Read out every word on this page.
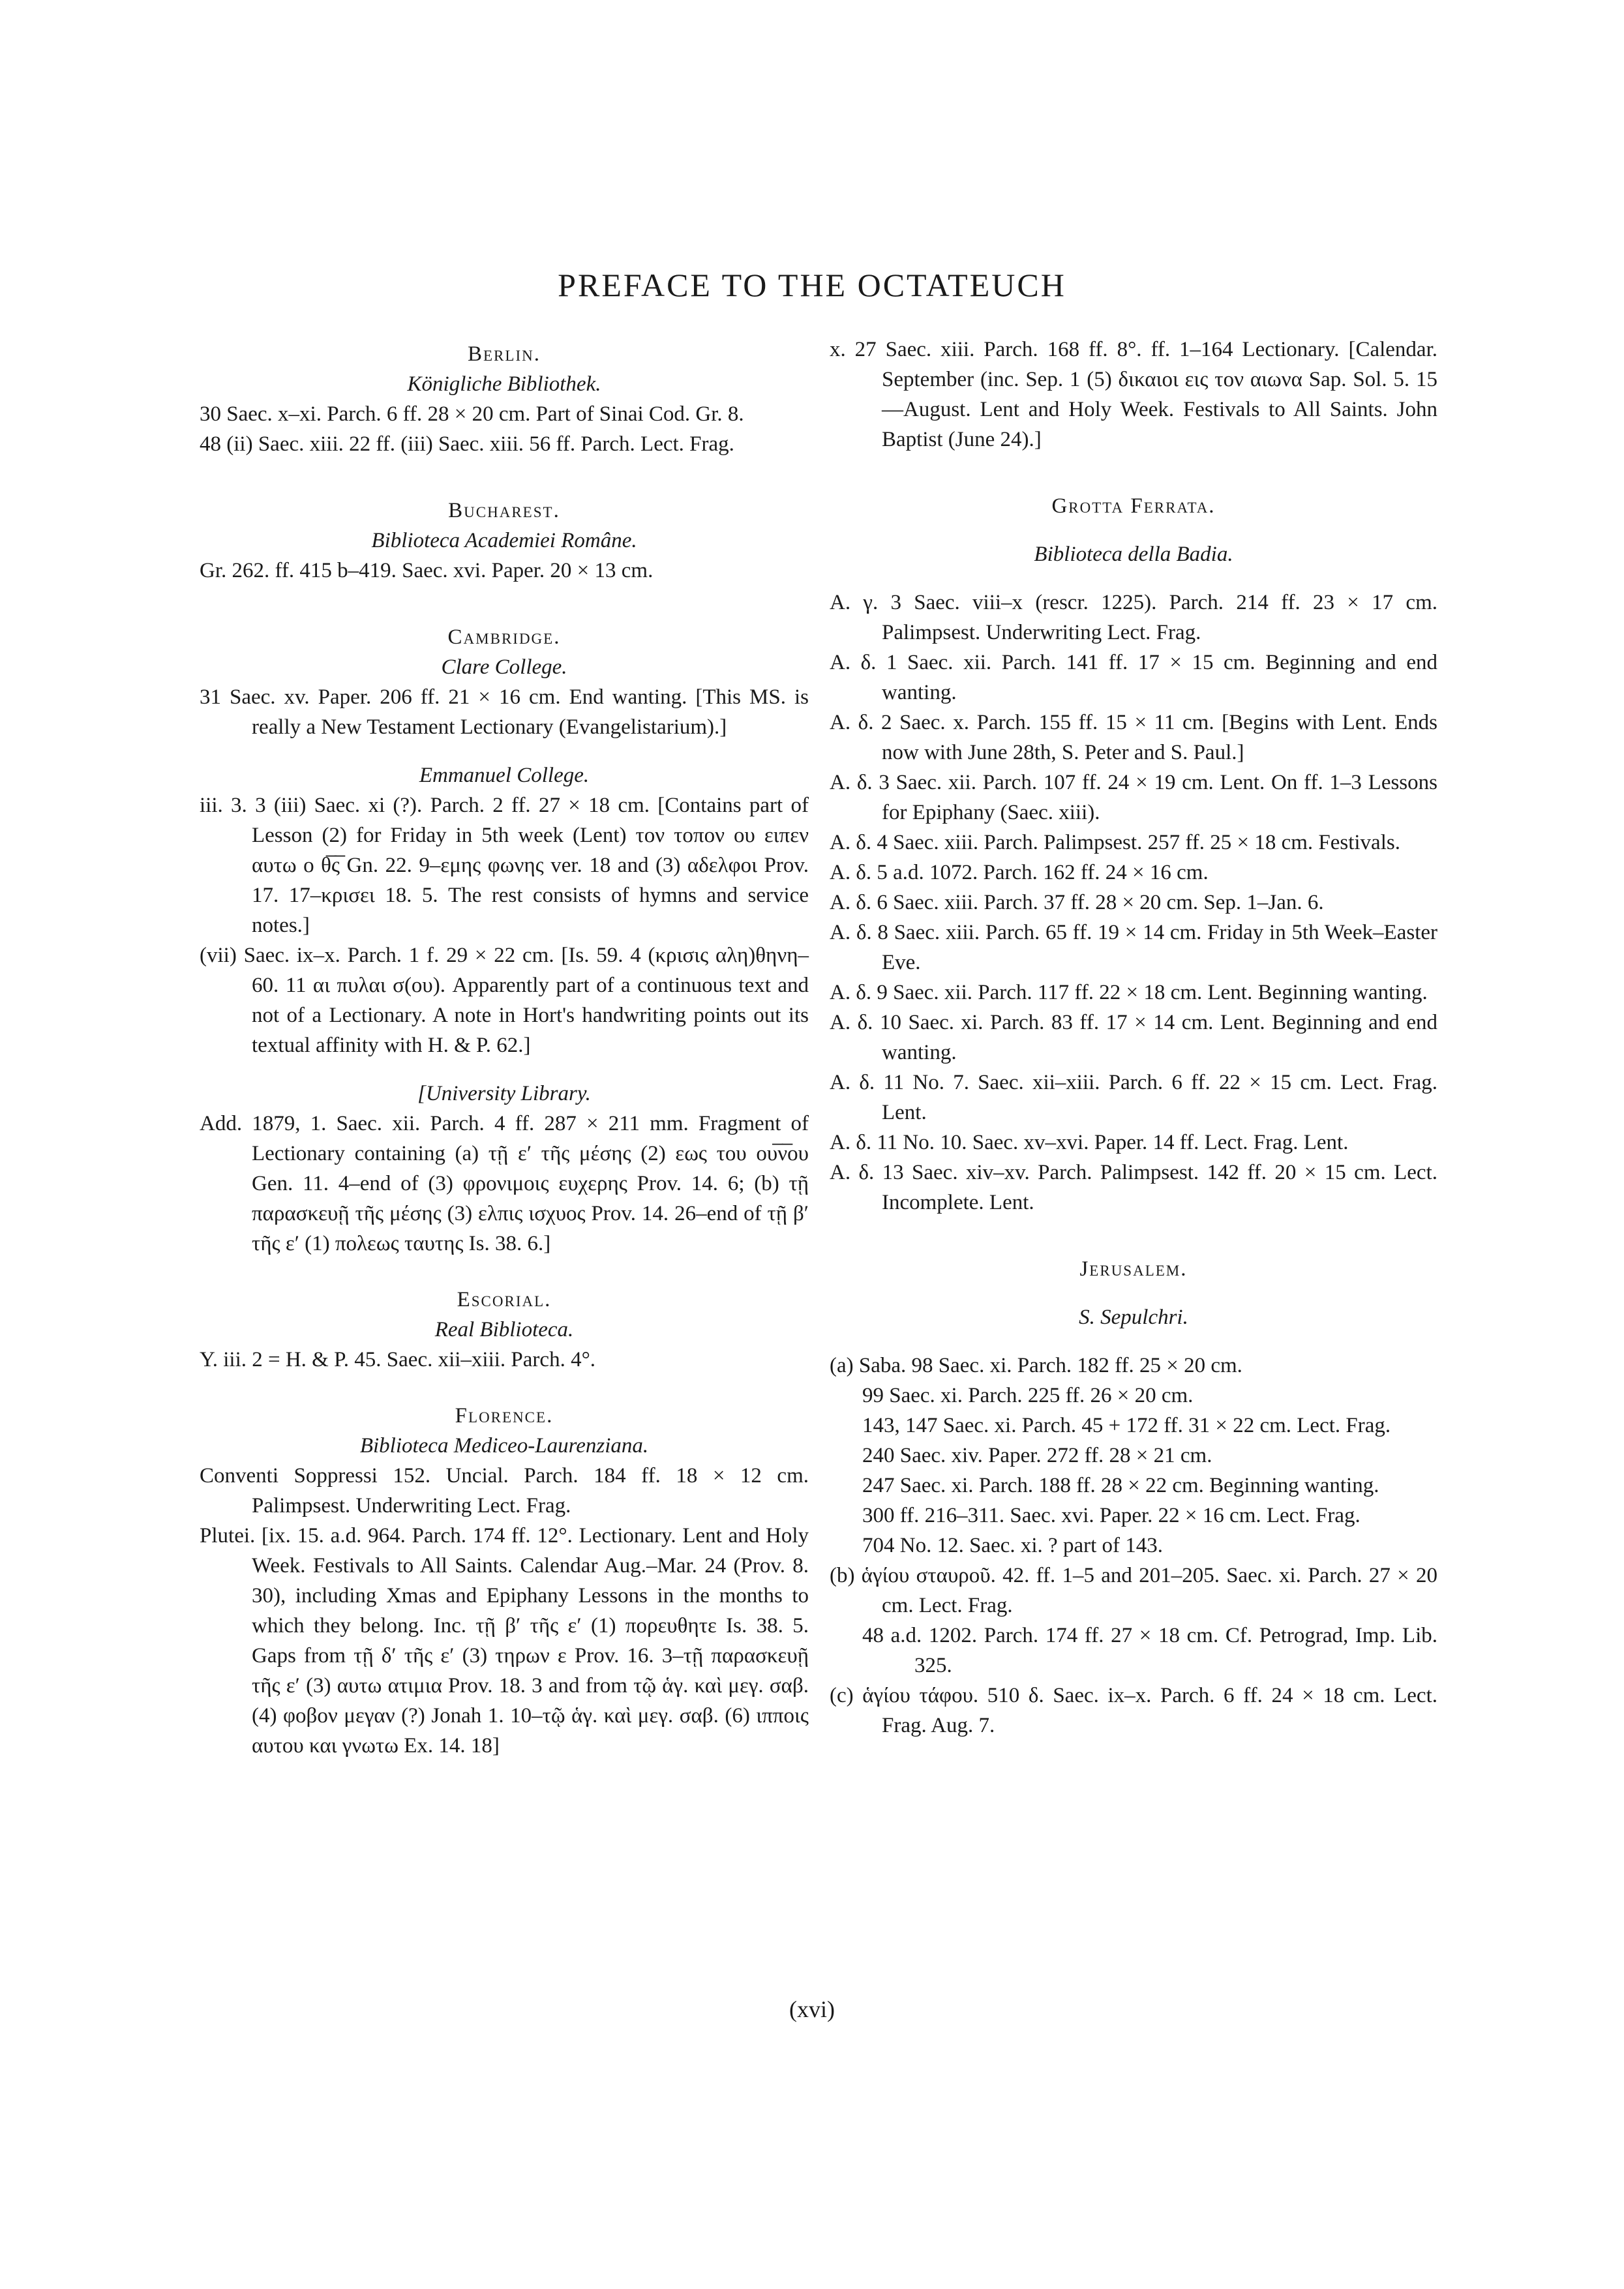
PREFACE TO THE OCTATEUCH

Berlin.

Königliche Bibliothek.

30 Saec. x–xi. Parch. 6 ff. 28 × 20 cm. Part of Sinai Cod. Gr. 8.

48 (ii) Saec. xiii. 22 ff. (iii) Saec. xiii. 56 ff. Parch. Lect. Frag.

Bucharest.

Biblioteca Academiei Române.

Gr. 262. ff. 415 b–419. Saec. xvi. Paper. 20 × 13 cm.

Cambridge.

Clare College.

31 Saec. xv. Paper. 206 ff. 21 × 16 cm. End wanting. [This MS. is really a New Testament Lectionary (Evangelistarium).]

Emmanuel College.

iii. 3. 3 (iii) Saec. xi (?). Parch. 2 ff. 27 × 18 cm. [Contains part of Lesson (2) for Friday in 5th week (Lent) τον τοπον ου ειπεν αυτω ο θ̅ς̅ Gn. 22. 9–εμης φωνης ver. 18 and (3) αδελφοι Prov. 17. 17–κρισει 18. 5. The rest consists of hymns and service notes.]

(vii) Saec. ix–x. Parch. 1 f. 29 × 22 cm. [Is. 59. 4 (κρισις αλη)θηνη–60. 11 αι πυλαι σ(ου). Apparently part of a continuous text and not of a Lectionary. A note in Hort's handwriting points out its textual affinity with H. & P. 62.]

[University Library.

Add. 1879, 1. Saec. xii. Parch. 4 ff. 287 × 211 mm. Fragment of Lectionary containing (a) τῇ ε′ τῆς μέσης (2) εως του ου̅ν̅ου Gen. 11. 4–end of (3) φρονιμοις ευχερης Prov. 14. 6; (b) τῇ παρασκευῇ τῆς μέσης (3) ελπις ισχυος Prov. 14. 26–end of τῇ β′ τῆς ε′ (1) πολεως ταυτης Is. 38. 6.]

Escorial.

Real Biblioteca.

Υ. iii. 2 = H. & P. 45. Saec. xii–xiii. Parch. 4°.

Florence.

Biblioteca Mediceo-Laurenziana.

Conventi Soppressi 152. Uncial. Parch. 184 ff. 18 × 12 cm. Palimpsest. Underwriting Lect. Frag.

Plutei. [ix. 15. a.d. 964. Parch. 174 ff. 12°. Lectionary. Lent and Holy Week. Festivals to All Saints. Calendar Aug.–Mar. 24 (Prov. 8. 30), including Xmas and Epiphany Lessons in the months to which they belong. Inc. τῇ β′ τῆς ε′ (1) πορευθητε Is. 38. 5. Gaps from τῇ δ′ τῆς ε′ (3) τηρων ε Prov. 16. 3–τῇ παρασκευῇ τῆς ε′ (3) αυτω ατιμια Prov. 18. 3 and from τῷ ἁγ. καὶ μεγ. σαβ. (4) φοβον μεγαν (?) Jonah 1. 10–τῷ ἁγ. καὶ μεγ. σαβ. (6) ιπποις αυτου και γνωτω Ex. 14. 18]

x. 27 Saec. xiii. Parch. 168 ff. 8°. ff. 1–164 Lectionary. [Calendar. September (inc. Sep. 1 (5) δικαιοι εις τον αιωνα Sap. Sol. 5. 15—August. Lent and Holy Week. Festivals to All Saints. John Baptist (June 24).]

Grotta Ferrata.

Biblioteca della Badia.

A. γ. 3 Saec. viii–x (rescr. 1225). Parch. 214 ff. 23 × 17 cm. Palimpsest. Underwriting Lect. Frag.

A. δ. 1 Saec. xii. Parch. 141 ff. 17 × 15 cm. Beginning and end wanting.

A. δ. 2 Saec. x. Parch. 155 ff. 15 × 11 cm. [Begins with Lent. Ends now with June 28th, S. Peter and S. Paul.]

A. δ. 3 Saec. xii. Parch. 107 ff. 24 × 19 cm. Lent. On ff. 1–3 Lessons for Epiphany (Saec. xiii).

A. δ. 4 Saec. xiii. Parch. Palimpsest. 257 ff. 25 × 18 cm. Festivals.

A. δ. 5 a.d. 1072. Parch. 162 ff. 24 × 16 cm.

A. δ. 6 Saec. xiii. Parch. 37 ff. 28 × 20 cm. Sep. 1–Jan. 6.

A. δ. 8 Saec. xiii. Parch. 65 ff. 19 × 14 cm. Friday in 5th Week–Easter Eve.

A. δ. 9 Saec. xii. Parch. 117 ff. 22 × 18 cm. Lent. Beginning wanting.

A. δ. 10 Saec. xi. Parch. 83 ff. 17 × 14 cm. Lent. Beginning and end wanting.

A. δ. 11 No. 7. Saec. xii–xiii. Parch. 6 ff. 22 × 15 cm. Lect. Frag. Lent.

A. δ. 11 No. 10. Saec. xv–xvi. Paper. 14 ff. Lect. Frag. Lent.

A. δ. 13 Saec. xiv–xv. Parch. Palimpsest. 142 ff. 20 × 15 cm. Lect. Incomplete. Lent.

Jerusalem.

S. Sepulchri.

(a) Saba. 98 Saec. xi. Parch. 182 ff. 25 × 20 cm.

99 Saec. xi. Parch. 225 ff. 26 × 20 cm.

143, 147 Saec. xi. Parch. 45 + 172 ff. 31 × 22 cm. Lect. Frag.

240 Saec. xiv. Paper. 272 ff. 28 × 21 cm.

247 Saec. xi. Parch. 188 ff. 28 × 22 cm. Beginning wanting.

300 ff. 216–311. Saec. xvi. Paper. 22 × 16 cm. Lect. Frag.

704 No. 12. Saec. xi. ? part of 143.

(b) ἁγίου σταυροῦ. 42. ff. 1–5 and 201–205. Saec. xi. Parch. 27 × 20 cm. Lect. Frag.

48 a.d. 1202. Parch. 174 ff. 27 × 18 cm. Cf. Petrograd, Imp. Lib. 325.

(c) ἁγίου τάφου. 510 δ. Saec. ix–x. Parch. 6 ff. 24 × 18 cm. Lect. Frag. Aug. 7.

(xvi)
